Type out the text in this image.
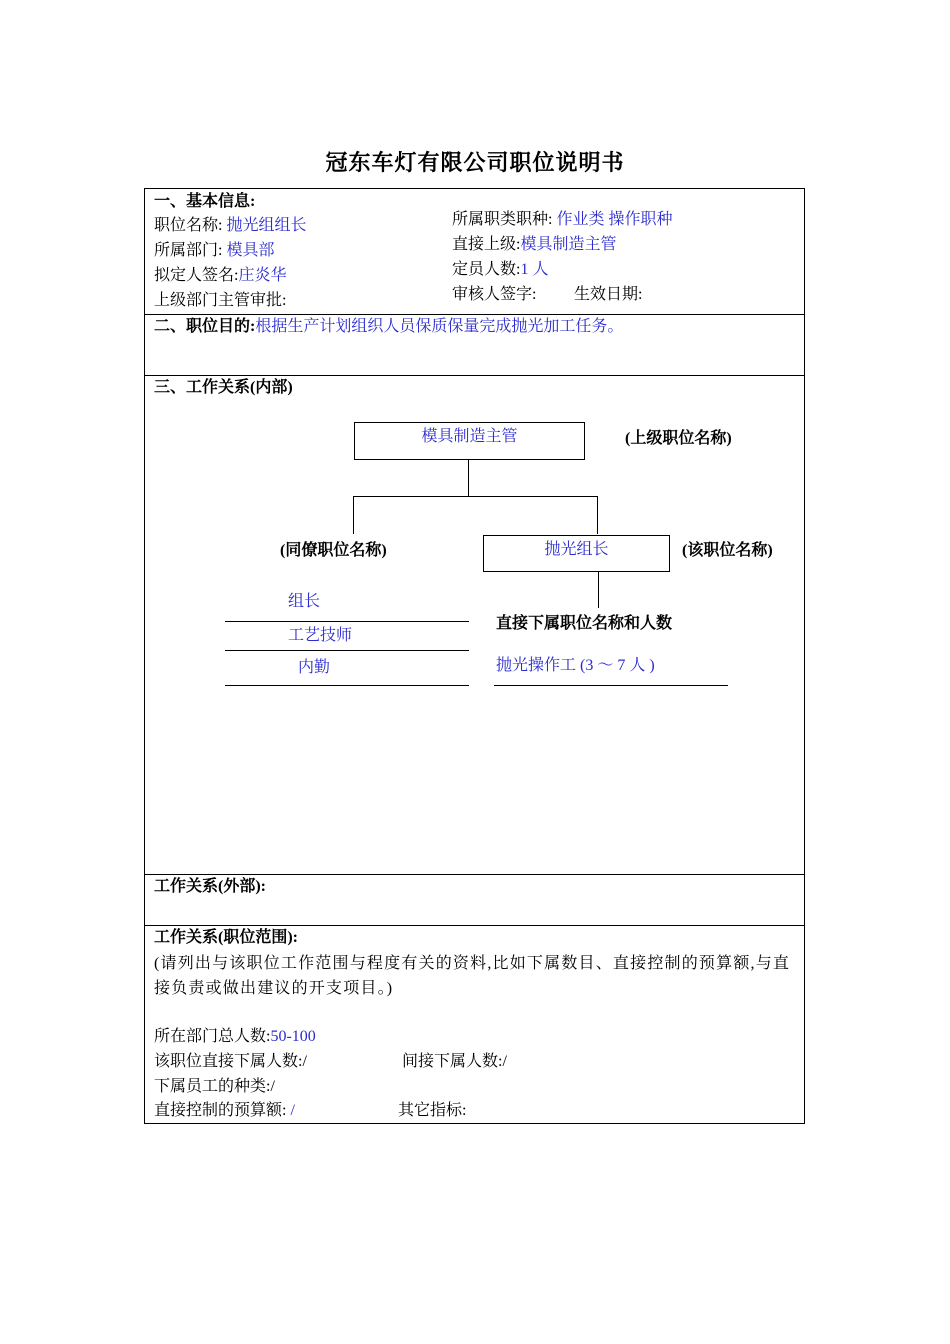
冠东车灯有限公司职位说明书
一、基本信息:
职位名称: 抛光组组长
所属部门: 模具部
拟定人签名:庄炎华
上级部门主管审批:
所属职类职种: 作业类 操作职种
直接上级:模具制造主管
定员人数:1 人
审核人签字: 生效日期:
二、职位目的:根据生产计划组织人员保质保量完成抛光加工任务。
三、工作关系(内部)
模具制造主管	(上级职位名称)
抛光组长	(该职位名称)
(同僚职位名称)
组长
工艺技师
内勤
直接下属职位名称和人数
抛光操作工 (3 ～ 7 人 )
工作关系(外部):
工作关系(职位范围):
(请列出与该职位工作范围与程度有关的资料,比如下属数目、直接控制的预算额,与直接负责或做出建议的开支项目。)
所在部门总人数:50-100
该职位直接下属人数:/	间接下属人数:/
下属员工的种类:/
直接控制的预算额: /	其它指标:
